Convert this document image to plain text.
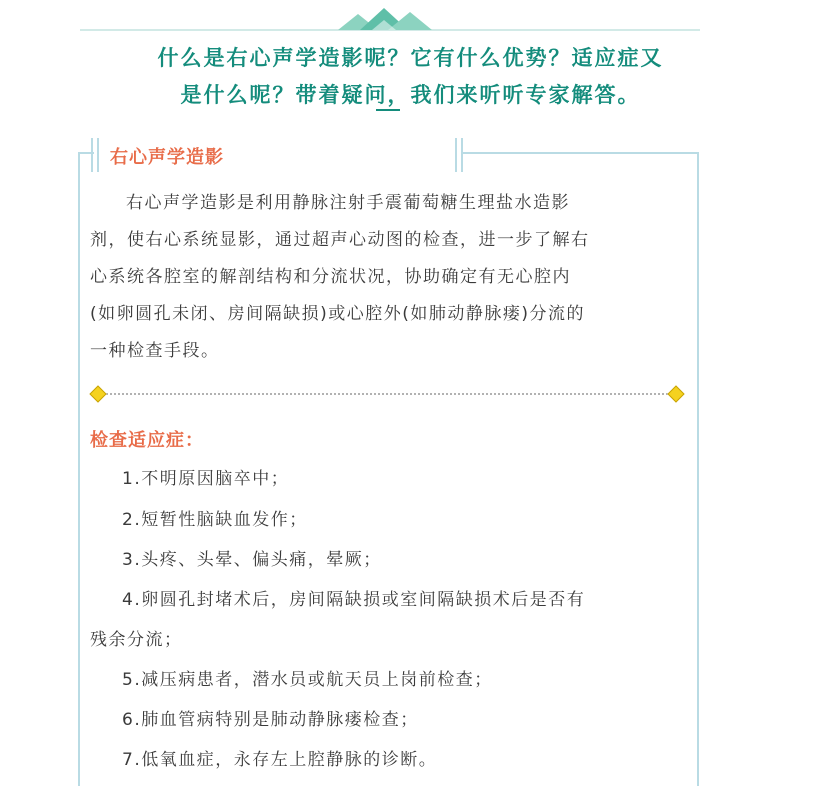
什么是右心声学造影呢？它有什么优势？适应症又
是什么呢？带着疑问，我们来听听专家解答。
右心声学造影
右心声学造影是利用静脉注射手震葡萄糖生理盐水造影
剂，使右心系统显影，通过超声心动图的检查，进一步了解右
心系统各腔室的解剖结构和分流状况，协助确定有无心腔内
(如卵圆孔未闭、房间隔缺损)或心腔外(如肺动静脉瘘)分流的
一种检查手段。
检查适应症：
1.不明原因脑卒中；
2.短暂性脑缺血发作；
3.头疼、头晕、偏头痛，晕厥；
4.卵圆孔封堵术后，房间隔缺损或室间隔缺损术后是否有
残余分流；
5.减压病患者，潜水员或航天员上岗前检查；
6.肺血管病特别是肺动静脉瘘检查；
7.低氧血症，永存左上腔静脉的诊断。
